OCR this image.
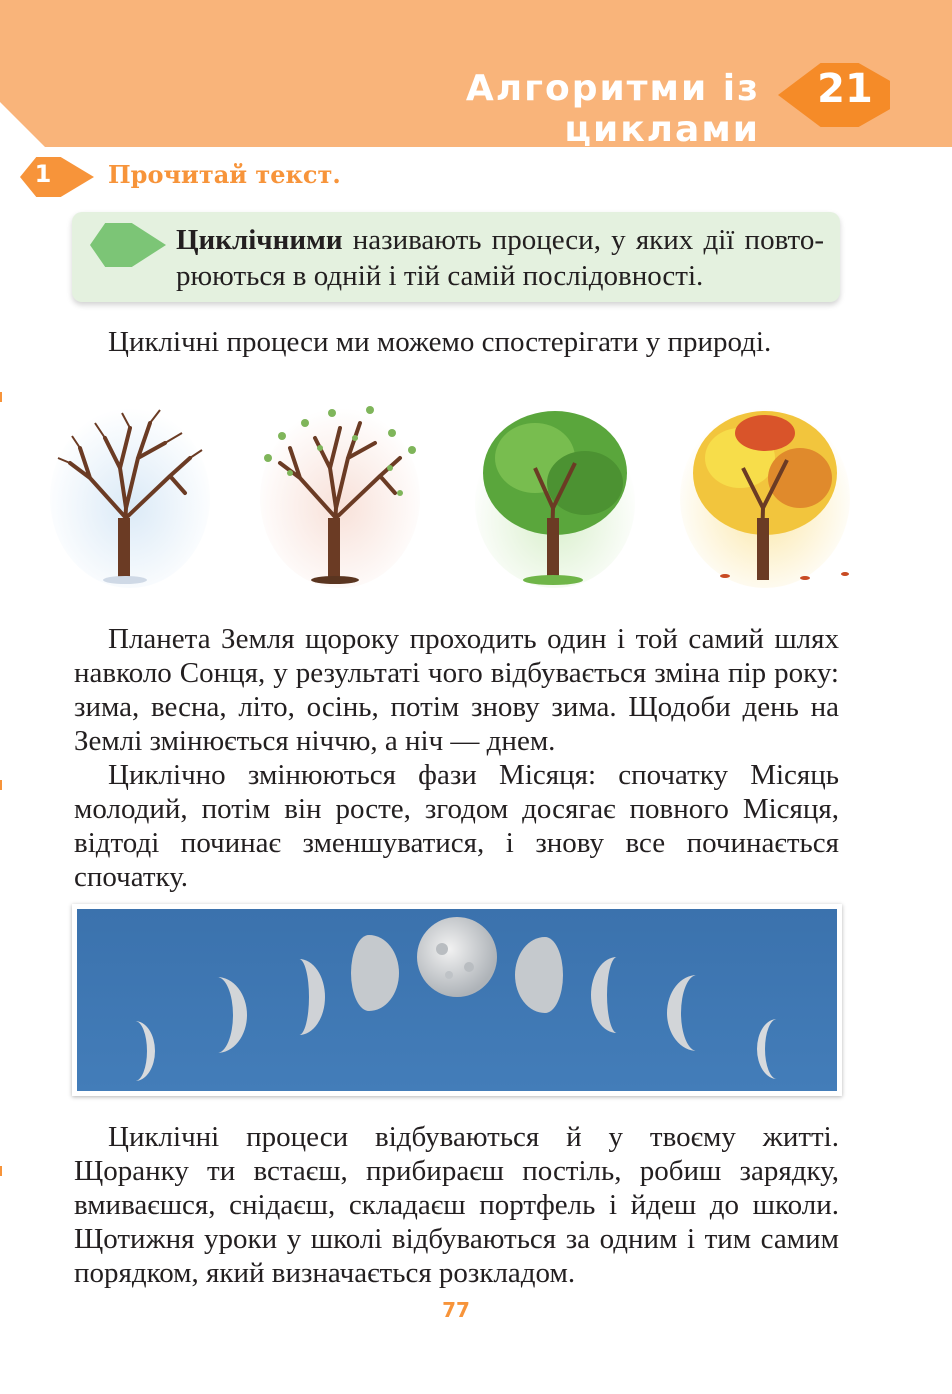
Алгоритми із циклами
21
1 Прочитай текст.
Циклічними називають процеси, у яких дії повто-рюються в одній і тій самій послідовності.
Циклічні процеси ми можемо спостерігати у природі.
Планета Земля щороку проходить один і той самий шлях навколо Сонця, у результаті чого відбувається зміна пір року: зима, весна, літо, осінь, потім знову зима. Щодоби день на Землі змінюється ніччю, а ніч — днем.
Циклічно змінюються фази Місяця: спочатку Місяць молодий, потім він росте, згодом досягає повного Місяця, відтоді починає зменшуватися, і знову все починається спочатку.
Циклічні процеси відбуваються й у твоєму житті. Щоранку ти встаєш, прибираєш постіль, робиш зарядку, вмиваєшся, снідаєш, складаєш портфель і йдеш до школи. Щотижня уроки у школі відбуваються за одним і тим самим порядком, який визначається розкладом.
77
